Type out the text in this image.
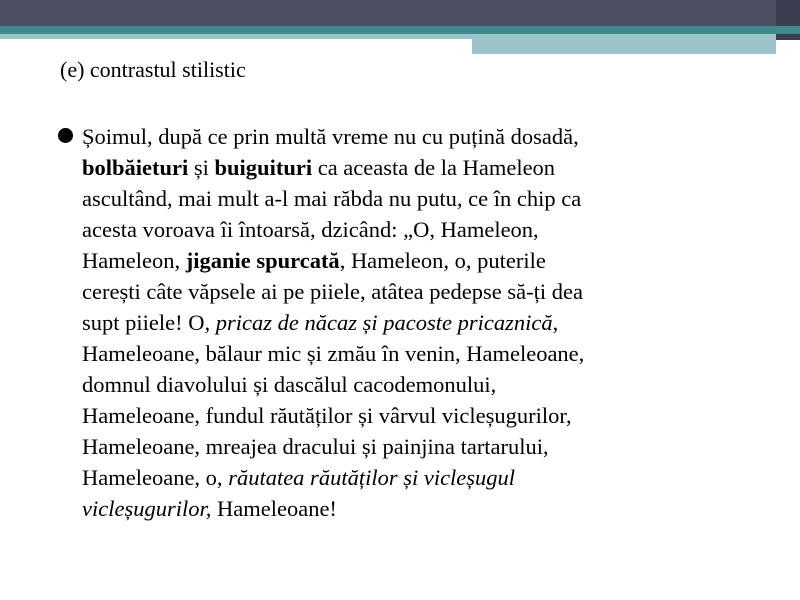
(e) contrastul stilistic
Șoimul, după ce prin multă vreme nu cu puțină dosadă,
bolbăieturi și buiguituri ca aceasta de la Hameleon
ascultând, mai mult a-l mai răbda nu putu, ce în chip ca
acesta voroava îi întoarsă, dzicând: „O, Hameleon,
Hameleon, jiganie spurcată, Hameleon, o, puterile
cerești câte văpsele ai pe piiele, atâtea pedepse să-ți dea
supt piiele! O, pricaz de năcaz și pacoste pricaznică,
Hameleoane, bălaur mic și zmău în venin, Hameleoane,
domnul diavolului și dascălul cacodemonului,
Hameleoane, fundul răutăților și vârvul vicleșugurilor,
Hameleoane, mreajea dracului și painjina tartarului,
Hameleoane, o, răutatea răutăților și vicleșugul
vicleșugurilor, Hameleoane!
